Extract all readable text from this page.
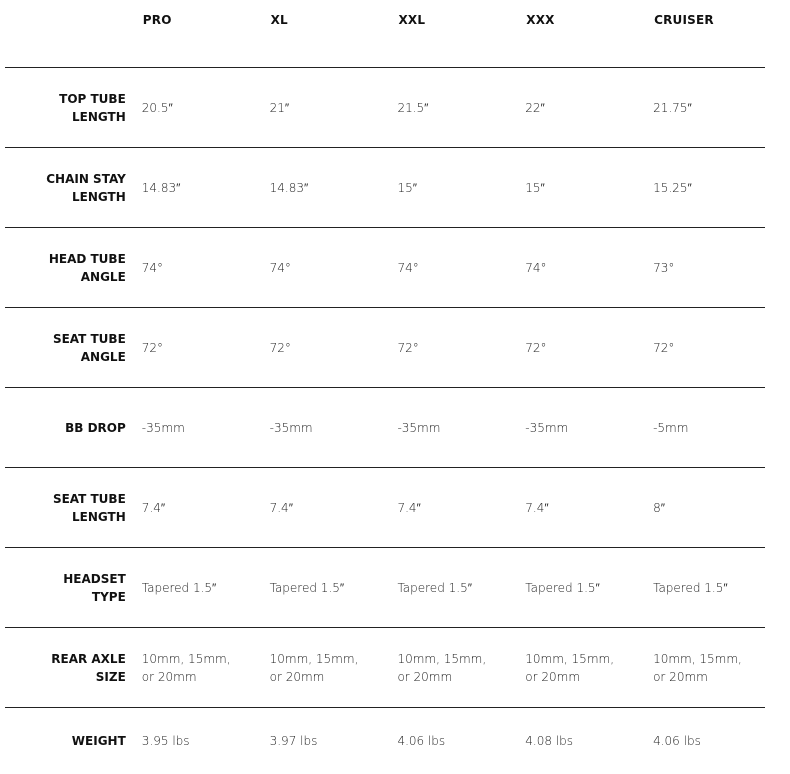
	PRO	XL	XXL	XXX	CRUISER

TOP TUBE LENGTH	20.5″	21″	21.5″	22″	21.75″

CHAIN STAY LENGTH	14.83″	14.83″	15″	15″	15.25″

HEAD TUBE ANGLE	74°	74°	74°	74°	73°

SEAT TUBE ANGLE	72°	72°	72°	72°	72°

BB DROP	-35mm	-35mm	-35mm	-35mm	-5mm

SEAT TUBE LENGTH	7.4″	7.4″	7.4″	7.4″	8″

HEADSET TYPE	Tapered 1.5″	Tapered 1.5″	Tapered 1.5″	Tapered 1.5″	Tapered 1.5″

REAR AXLE SIZE	10mm, 15mm, or 20mm	10mm, 15mm, or 20mm	10mm, 15mm, or 20mm	10mm, 15mm, or 20mm	10mm, 15mm, or 20mm

WEIGHT	3.95 lbs	3.97 lbs	4.06 lbs	4.08 lbs	4.06 lbs
